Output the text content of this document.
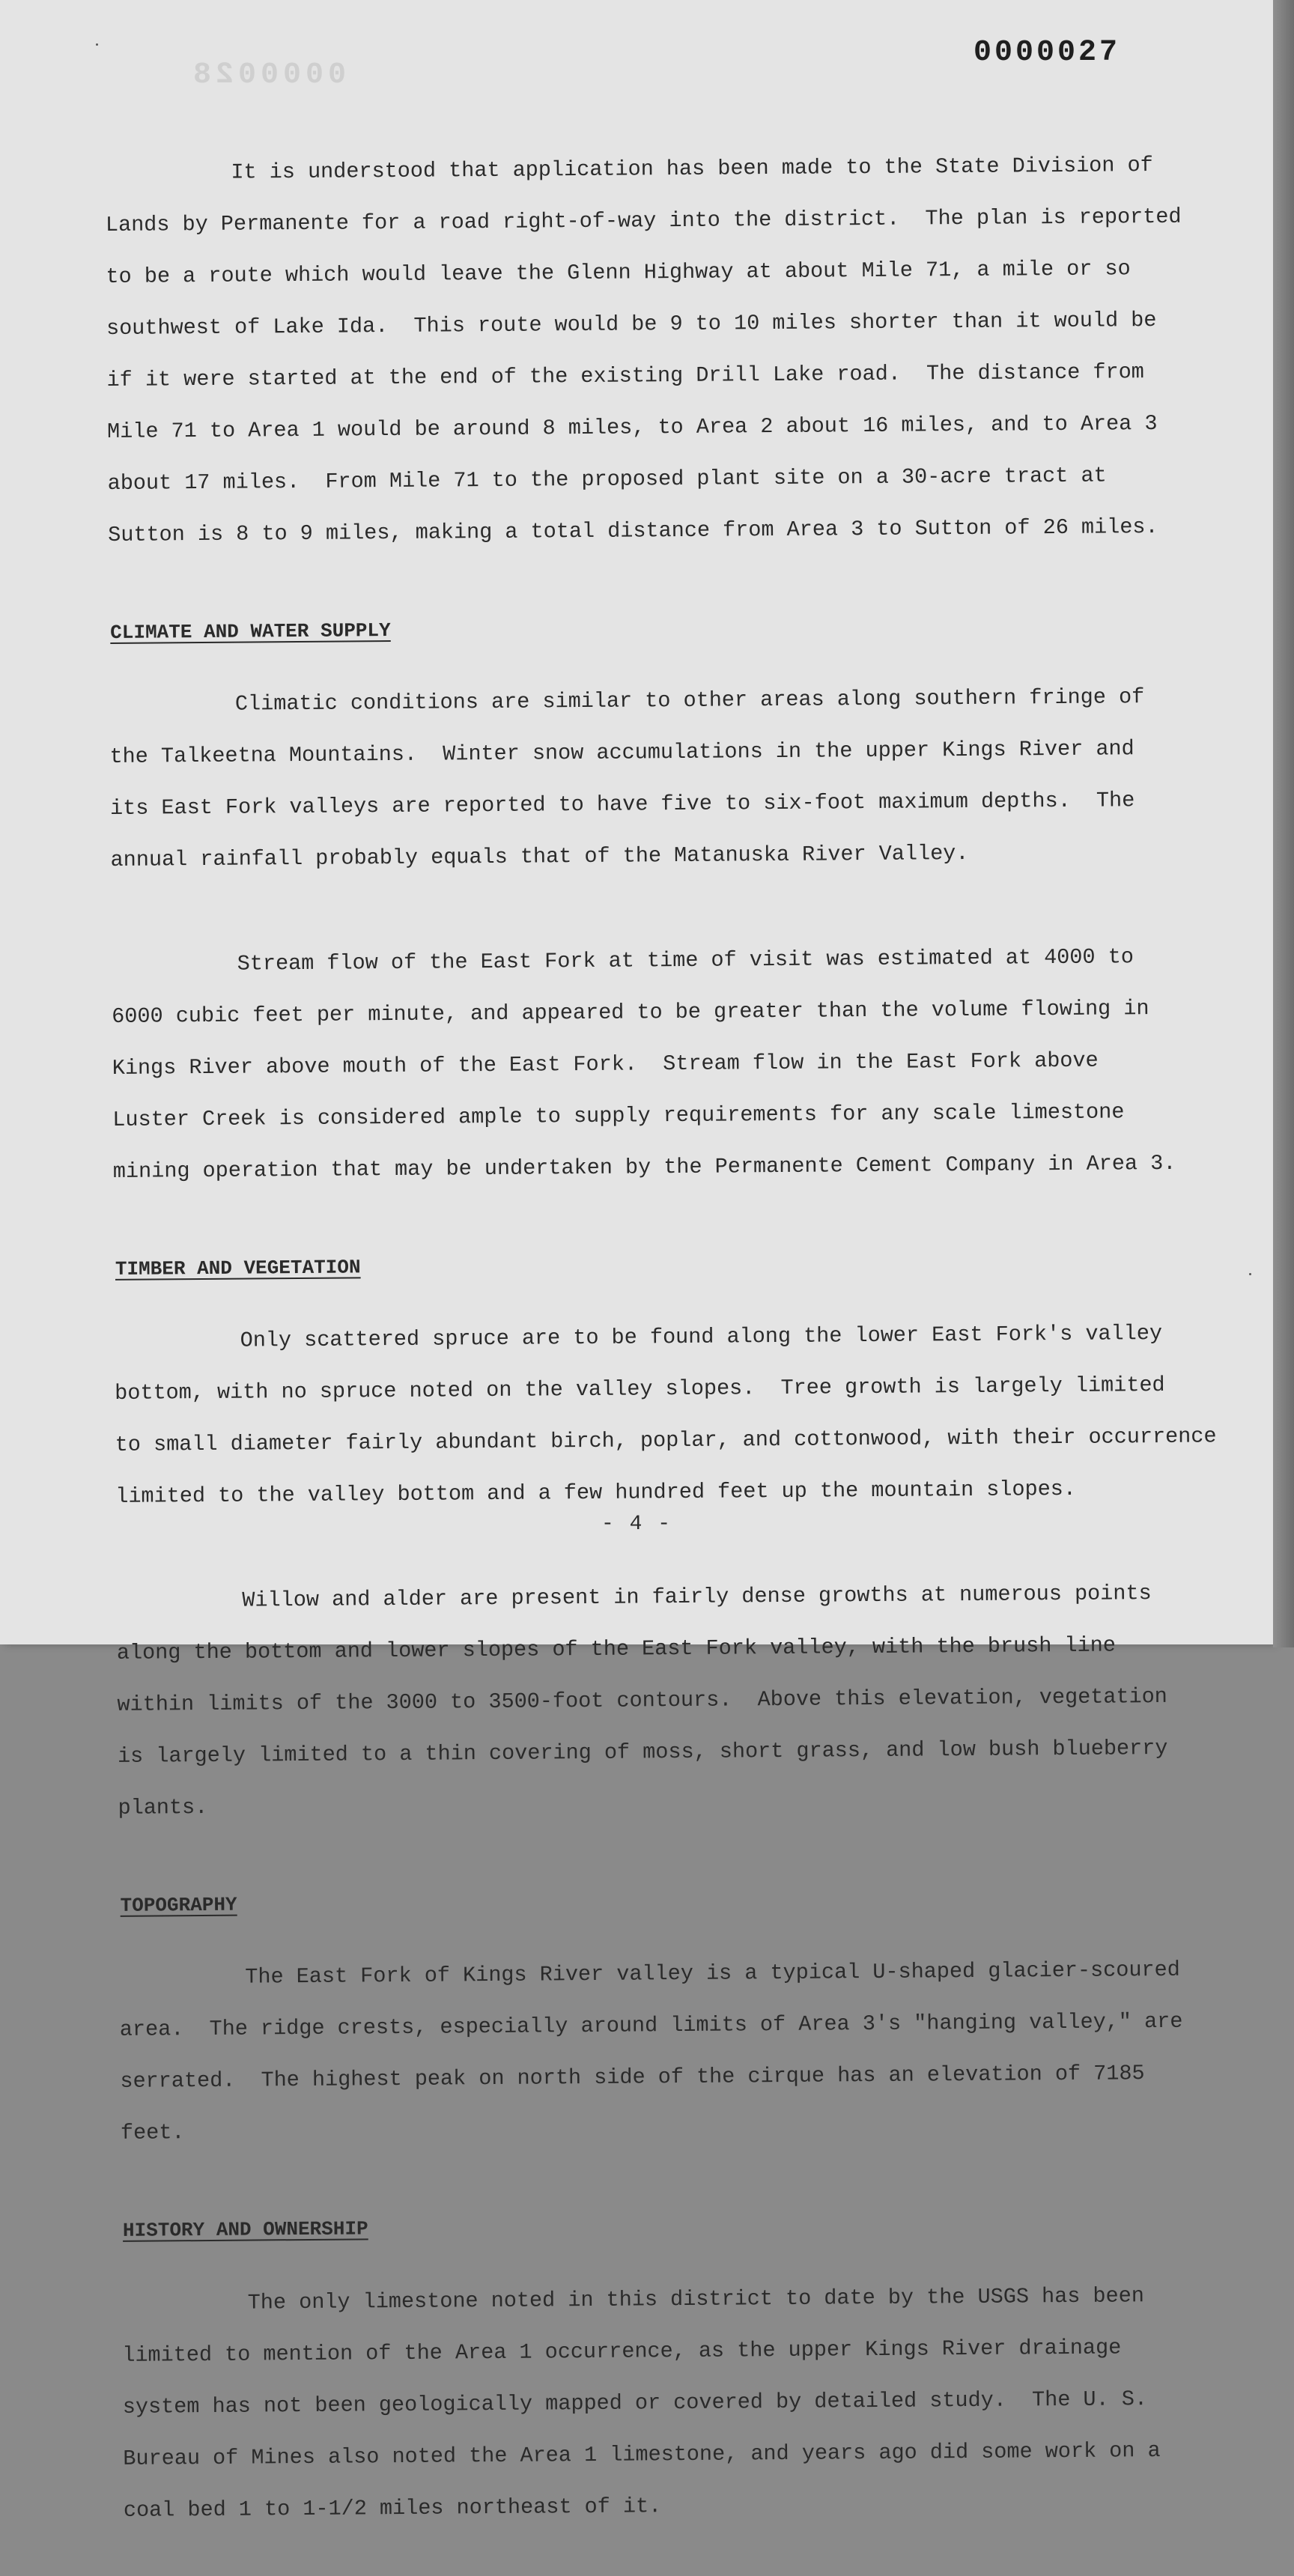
0000028
0000027

It is understood that application has been made to the State Division of

Lands by Permanente for a road right-of-way into the district.  The plan is reported

to be a route which would leave the Glenn Highway at about Mile 71, a mile or so

southwest of Lake Ida.  This route would be 9 to 10 miles shorter than it would be

if it were started at the end of the existing Drill Lake road.  The distance from

Mile 71 to Area 1 would be around 8 miles, to Area 2 about 16 miles, and to Area 3

about 17 miles.  From Mile 71 to the proposed plant site on a 30-acre tract at

Sutton is 8 to 9 miles, making a total distance from Area 3 to Sutton of 26 miles.

CLIMATE AND WATER SUPPLY

Climatic conditions are similar to other areas along southern fringe of

the Talkeetna Mountains.  Winter snow accumulations in the upper Kings River and

its East Fork valleys are reported to have five to six-foot maximum depths.  The

annual rainfall probably equals that of the Matanuska River Valley.

Stream flow of the East Fork at time of visit was estimated at 4000 to

6000 cubic feet per minute, and appeared to be greater than the volume flowing in

Kings River above mouth of the East Fork.  Stream flow in the East Fork above

Luster Creek is considered ample to supply requirements for any scale limestone

mining operation that may be undertaken by the Permanente Cement Company in Area 3.

TIMBER AND VEGETATION

Only scattered spruce are to be found along the lower East Fork's valley

bottom, with no spruce noted on the valley slopes.  Tree growth is largely limited

to small diameter fairly abundant birch, poplar, and cottonwood, with their occurrence

limited to the valley bottom and a few hundred feet up the mountain slopes.

Willow and alder are present in fairly dense growths at numerous points

along the bottom and lower slopes of the East Fork valley, with the brush line

within limits of the 3000 to 3500-foot contours.  Above this elevation, vegetation

is largely limited to a thin covering of moss, short grass, and low bush blueberry

plants.

TOPOGRAPHY

The East Fork of Kings River valley is a typical U-shaped glacier-scoured

area.  The ridge crests, especially around limits of Area 3's "hanging valley," are

serrated.  The highest peak on north side of the cirque has an elevation of 7185

feet.

HISTORY AND OWNERSHIP

The only limestone noted in this district to date by the USGS has been

limited to mention of the Area 1 occurrence, as the upper Kings River drainage

system has not been geologically mapped or covered by detailed study.  The U. S.

Bureau of Mines also noted the Area 1 limestone, and years ago did some work on a

coal bed 1 to 1-1/2 miles northeast of it.

- 4 -
